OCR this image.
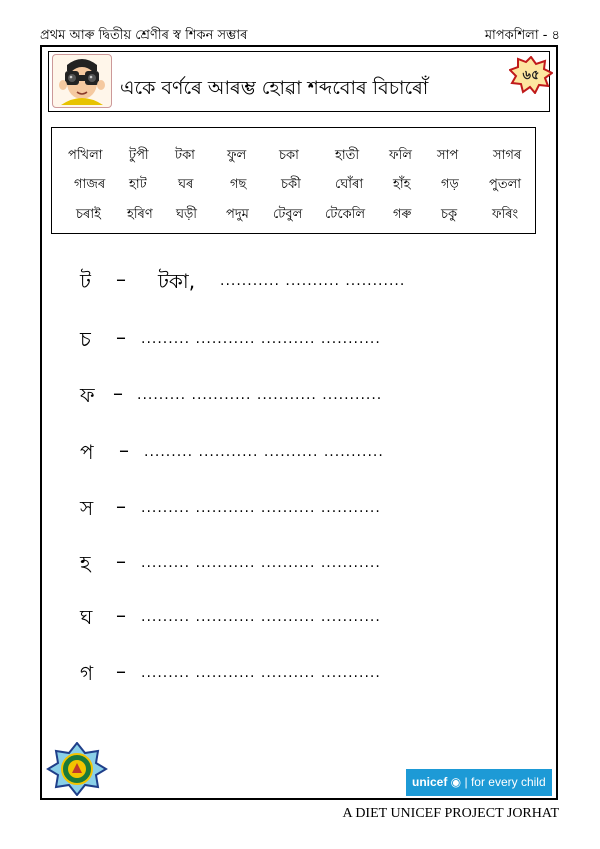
প্ৰথম আৰু দ্বিতীয় শ্ৰেণীৰ স্ব শিকন সম্ভাৰ	মাপকশিলা - ৪
একে বৰ্ণৰে আৰম্ভ হোৱা শব্দবোৰ বিচাৰোঁ
৬৫
পখিলা টুপী টকা ফুল	চকা	হাতী ফলি সাপ	সাগৰ
গাজৰ হাট ঘৰ	গছ	চকী	ঘোঁৰা হাঁহ গড় পুতলা
চৰাই হৰিণ ঘড়ী পদুম টেবুল টেকেলি গৰু চকু	ফৰিং
ট – টকা, ........... .......... ...........
চ – ......... ........... .......... ...........
ফ – ......... ........... ........... ...........
প – ......... ........... .......... ...........
স – ......... ........... .......... ...........
হ – ......... ........... .......... ...........
ঘ – ......... ........... .......... ...........
গ – ......... ........... .......... ...........
unicef ◉ | for every child
A DIET UNICEF PROJECT JORHAT
